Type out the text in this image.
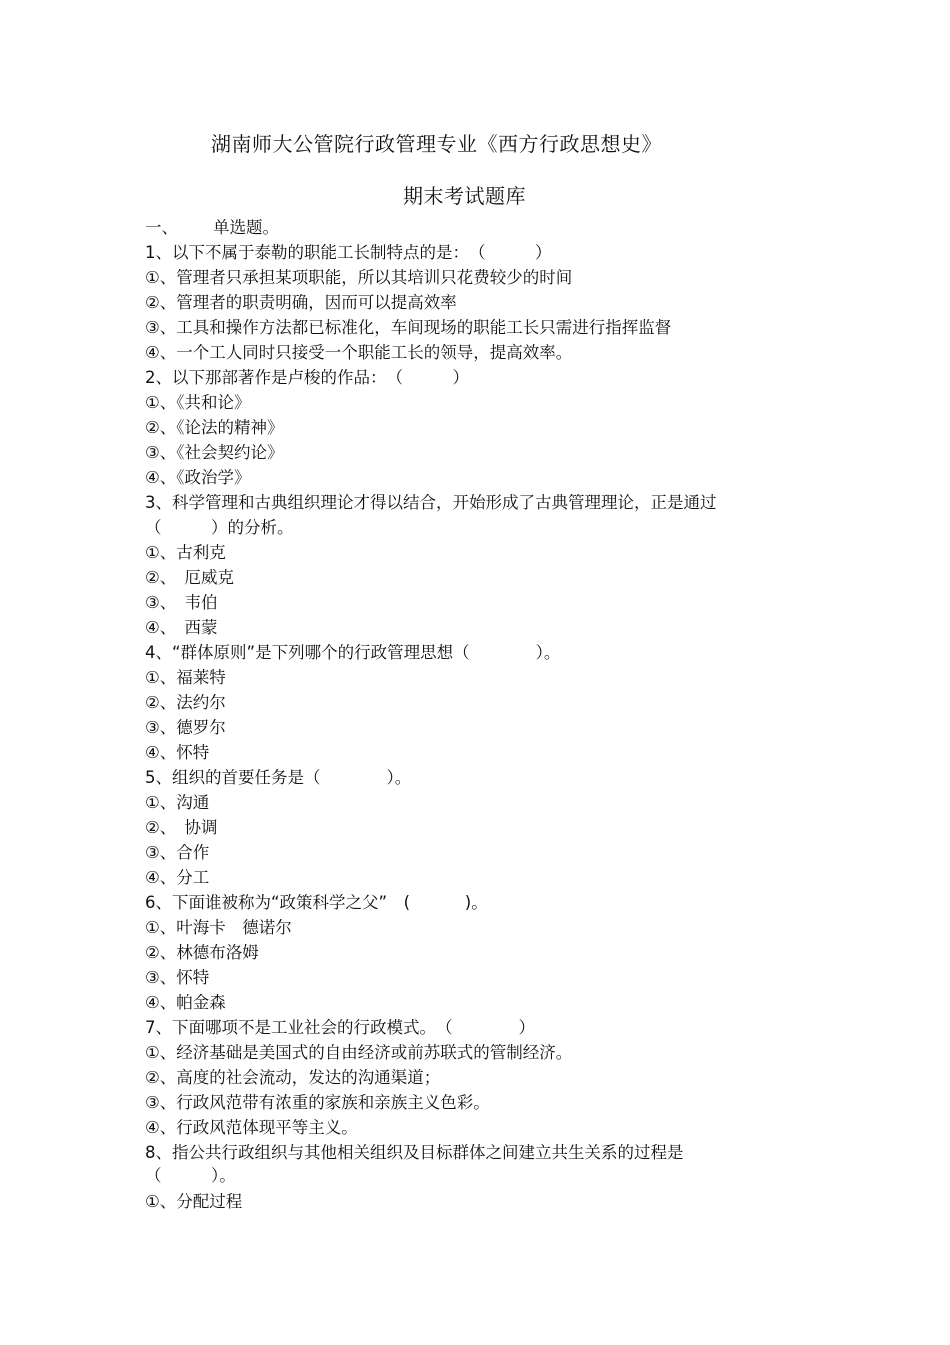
湖南师大公管院行政管理专业《西方行政思想史》
期末考试题库
一、 单选题。
1、以下不属于泰勒的职能工长制特点的是：　（　　　）
①、管理者只承担某项职能，所以其培训只花费较少的时间
②、管理者的职责明确，因而可以提高效率
③、工具和操作方法都已标准化，车间现场的职能工长只需进行指挥监督
④、一个工人同时只接受一个职能工长的领导，提高效率。
2、以下那部著作是卢梭的作品：　（　　　）
①、《共和论》
②、《论法的精神》
③、《社会契约论》
④、《政治学》
3、科学管理和古典组织理论才得以结合，开始形成了古典管理理论，正是通过
（　　　）的分析。
①、古利克
②、　厄威克
③、　韦伯
④、　西蒙
4、“群体原则”是下列哪个的行政管理思想（　　　　）。
①、福莱特
②、法约尔
③、德罗尔
④、怀特
5、组织的首要任务是（　　　　）。
①、沟通
②、　协调
③、合作
④、分工
6、下面谁被称为“政策科学之父”　(　　　 )。
①、叶海卡　德诺尔
②、林德布洛姆
③、怀特
④、帕金森
7、下面哪项不是工业社会的行政模式。　（　　　　）
①、经济基础是美国式的自由经济或前苏联式的管制经济。
②、高度的社会流动，发达的沟通渠道；
③、行政风范带有浓重的家族和亲族主义色彩。
④、行政风范体现平等主义。
8、指公共行政组织与其他相关组织及目标群体之间建立共生关系的过程是
（　　　）。
①、分配过程
